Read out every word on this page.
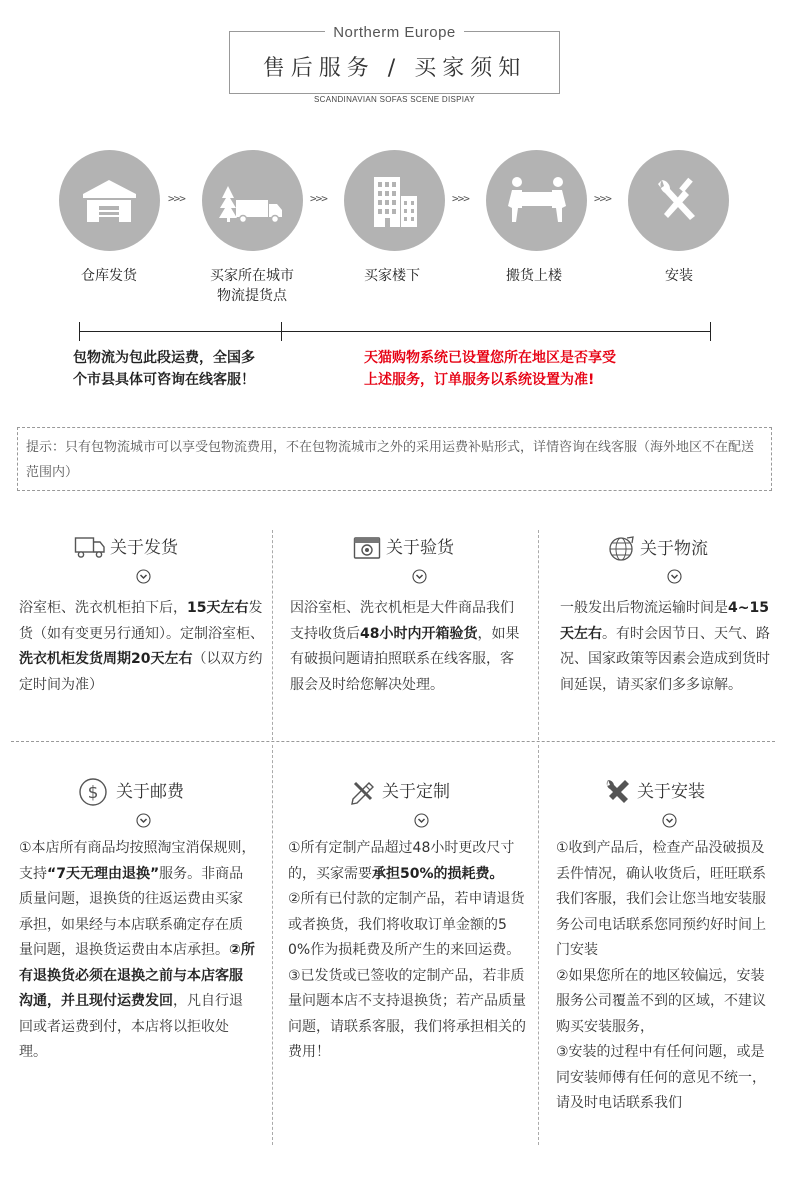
Northerm Europe
售后服务 / 买家须知
SCANDINAVIAN SOFAS SCENE DISPIAY
>>>	>>>	>>>	>>>
仓库发货	买家所在城市
物流提货点
买家楼下	搬货上楼	安装
包物流为包此段运费，全国多
个市县具体可咨询在线客服！
天猫购物系统已设置您所在地区是否享受
上述服务，订单服务以系统设置为准!
提示：只有包物流城市可以享受包物流费用，不在包物流城市之外的采用运费补贴形式，详情咨询在线客服（海外地区不在配送范围内）
关于发货
浴室柜、洗衣机柜拍下后，15天左右发货（如有变更另行通知）。定制浴室柜、洗衣机柜发货周期20天左右（以双方约定时间为准）
关于验货
因浴室柜、洗衣机柜是大件商品我们支持收货后48小时内开箱验货，如果有破损问题请拍照联系在线客服，客服会及时给您解决处理。
关于物流
一般发出后物流运输时间是4~15天左右。有时会因节日、天气、路况、国家政策等因素会造成到货时间延误，请买家们多多谅解。
$ 关于邮费
①本店所有商品均按照淘宝消保规则，支持“7天无理由退换”服务。非商品质量问题，退换货的往返运费由买家承担，如果经与本店联系确定存在质量问题，退换货运费由本店承担。②所有退换货必须在退换之前与本店客服沟通，并且现付运费发回，凡自行退回或者运费到付，本店将以拒收处理。
关于定制
①所有定制产品超过48小时更改尺寸的，买家需要承担50%的损耗费。
②所有已付款的定制产品，若申请退货或者换货，我们将收取订单金额的50%作为损耗费及所产生的来回运费。
③已发货或已签收的定制产品，若非质量问题本店不支持退换货；若产品质量问题，请联系客服，我们将承担相关的费用！
关于安装
①收到产品后，检查产品没破损及丢件情况，确认收货后，旺旺联系我们客服，我们会让您当地安装服务公司电话联系您同预约好时间上门安装
②如果您所在的地区较偏远，安装服务公司覆盖不到的区域，不建议购买安装服务，
③安装的过程中有任何问题，或是同安装师傅有任何的意见不统一，请及时电话联系我们
